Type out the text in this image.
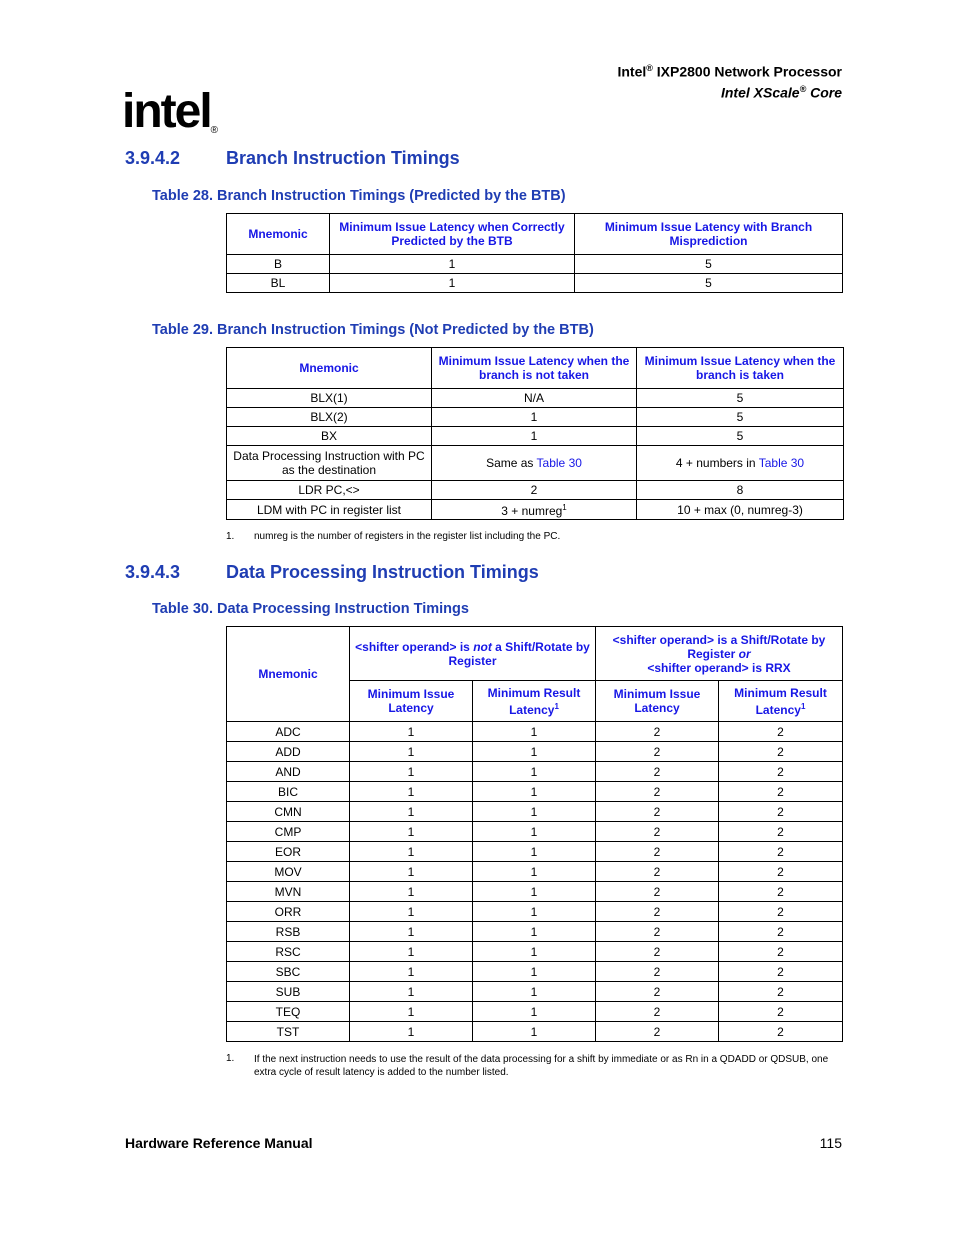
Intel® IXP2800 Network Processor
Intel XScale® Core
intel®
3.9.4.2	Branch Instruction Timings
Table 28. Branch Instruction Timings (Predicted by the BTB)
Mnemonic	Minimum Issue Latency when Correctly Predicted by the BTB	Minimum Issue Latency with Branch Misprediction
B	1	5
BL	1	5
Table 29. Branch Instruction Timings (Not Predicted by the BTB)
Mnemonic	Minimum Issue Latency when the branch is not taken	Minimum Issue Latency when the branch is taken
BLX(1)	N/A	5
BLX(2)	1	5
BX	1	5
Data Processing Instruction with PC as the destination	Same as Table 30	4 + numbers in Table 30
LDR PC,<>	2	8
LDM with PC in register list	3 + numreg$^1$	10 + max (0, numreg-3)
1. numreg is the number of registers in the register list including the PC.
3.9.4.3	Data Processing Instruction Timings
Table 30. Data Processing Instruction Timings
Mnemonic	<shifter operand> is not a Shift/Rotate by Register		<shifter operand> is a Shift/Rotate by Register or
<shifter operand> is RRX	
	Minimum Issue Latency	Minimum Result Latency$^1$	Minimum Issue Latency	Minimum Result Latency$^1$
ADC	1	1	2	2
ADD	1	1	2	2
AND	1	1	2	2
BIC	1	1	2	2
CMN	1	1	2	2
CMP	1	1	2	2
EOR	1	1	2	2
MOV	1	1	2	2
MVN	1	1	2	2
ORR	1	1	2	2
RSB	1	1	2	2
RSC	1	1	2	2
SBC	1	1	2	2
SUB	1	1	2	2
TEQ	1	1	2	2
TST	1	1	2	2
1. If the next instruction needs to use the result of the data processing for a shift by immediate or as Rn in a QDADD or QDSUB, one extra cycle of result latency is added to the number listed.
Hardware Reference Manual	115
